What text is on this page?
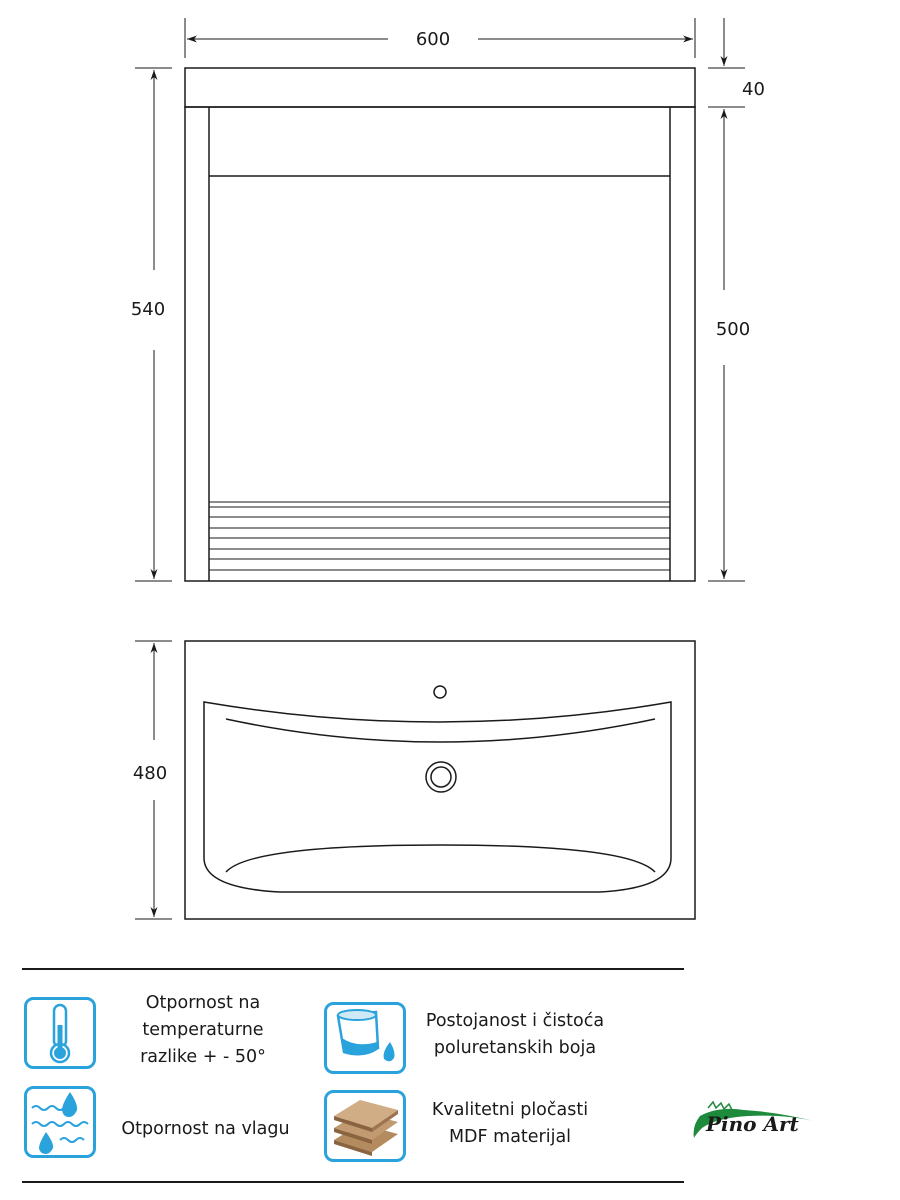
600
40
540
500
480
Otpornost na
temperaturne
razlike + - 50°
Postojanost i čistoća
poluretanskih boja
Otpornost na vlagu
Kvalitetni pločasti
MDF materijal
Pino Art
